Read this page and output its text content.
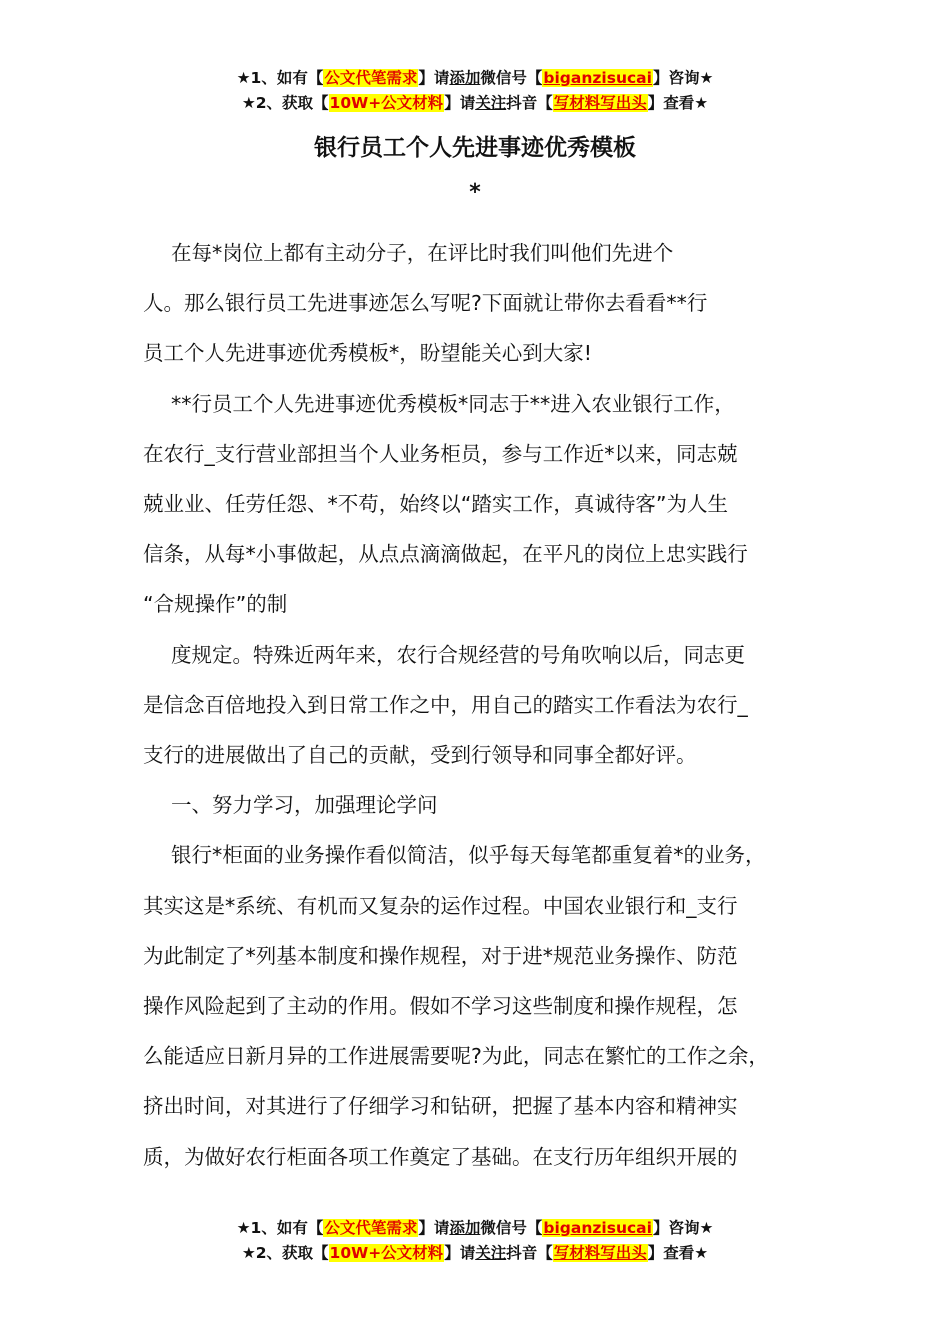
★1、如有【公文代笔需求】请添加微信号【biganzisucai】咨询★
★2、获取【10W+公文材料】请关注抖音【写材料写出头】查看★
银行员工个人先进事迹优秀模板
*

在每*岗位上都有主动分子，在评比时我们叫他们先进个

人。那么银行员工先进事迹怎么写呢?下面就让带你去看看**行

员工个人先进事迹优秀模板*，盼望能关心到大家!

**行员工个人先进事迹优秀模板*同志于**进入农业银行工作，

在农行_支行营业部担当个人业务柜员，参与工作近*以来，同志兢

兢业业、任劳任怨、*不苟，始终以“踏实工作，真诚待客”为人生

信条，从每*小事做起，从点点滴滴做起，在平凡的岗位上忠实践行

“合规操作”的制

度规定。特殊近两年来，农行合规经营的号角吹响以后，同志更

是信念百倍地投入到日常工作之中，用自己的踏实工作看法为农行_

支行的进展做出了自己的贡献，受到行领导和同事全都好评。

一、努力学习，加强理论学问

银行*柜面的业务操作看似简洁，似乎每天每笔都重复着*的业务，

其实这是*系统、有机而又复杂的运作过程。中国农业银行和_支行

为此制定了*列基本制度和操作规程，对于进*规范业务操作、防范

操作风险起到了主动的作用。假如不学习这些制度和操作规程，怎

么能适应日新月异的工作进展需要呢?为此，同志在繁忙的工作之余，

挤出时间，对其进行了仔细学习和钻研，把握了基本内容和精神实

质，为做好农行柜面各项工作奠定了基础。在支行历年组织开展的

★1、如有【公文代笔需求】请添加微信号【biganzisucai】咨询★
★2、获取【10W+公文材料】请关注抖音【写材料写出头】查看★
